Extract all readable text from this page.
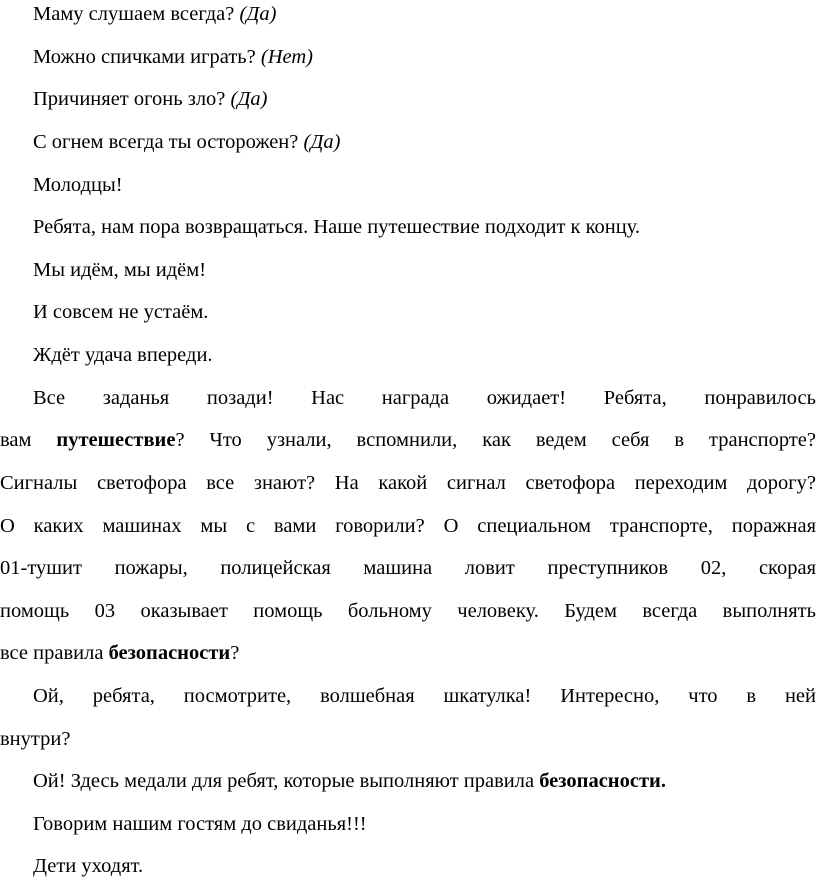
Маму слушаем всегда? (Да)
Можно спичками играть? (Нет)
Причиняет огонь зло? (Да)
С огнем всегда ты осторожен? (Да)
Молодцы!
Ребята, нам пора возвращаться. Наше путешествие подходит к концу.
Мы идём, мы идём!
И совсем не устаём.
Ждёт удача впереди.
Все заданья позади! Нас награда ожидает! Ребята, понравилось
вам путешествие? Что узнали, вспомнили, как ведем себя в транспорте?
Сигналы светофора все знают? На какой сигнал светофора переходим дорогу?
О каких машинах мы с вами говорили? О специальном транспорте, поражная
01-тушит пожары, полицейская машина ловит преступников 02, скорая
помощь 03 оказывает помощь больному человеку. Будем всегда выполнять
все правила безопасности?
Ой, ребята, посмотрите, волшебная шкатулка! Интересно, что в ней
внутри?
Ой! Здесь медали для ребят, которые выполняют правила безопасности.
Говорим нашим гостям до свиданья!!!
Дети уходят.
